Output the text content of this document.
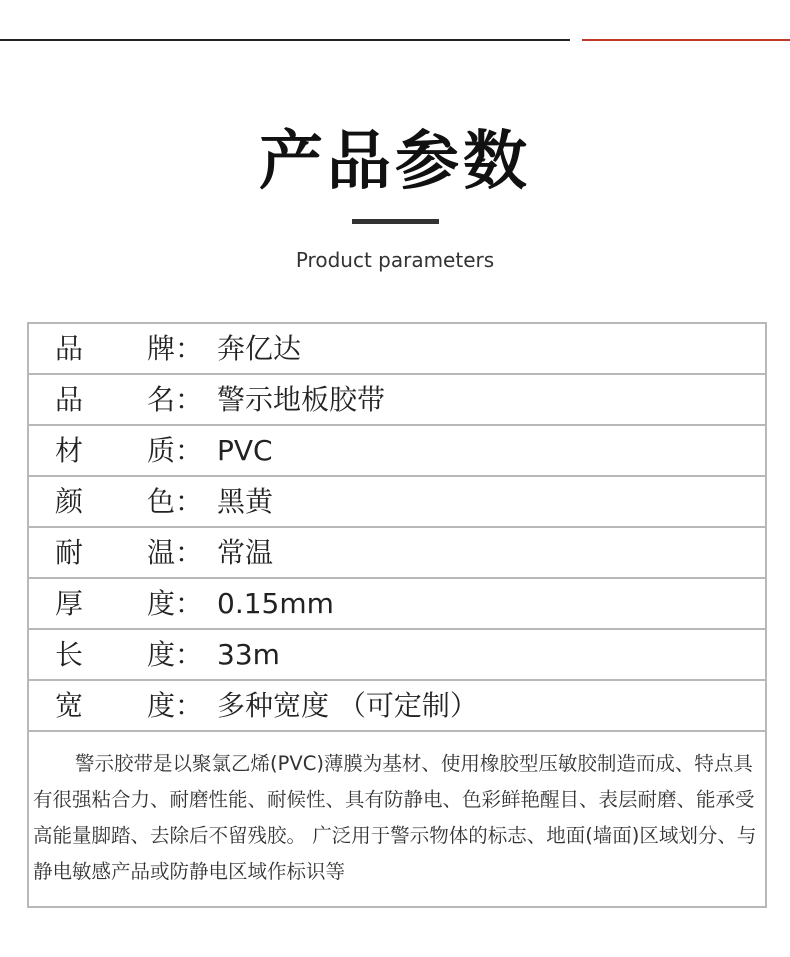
产品参数
Product parameters
品 牌： 奔亿达
品 名： 警示地板胶带
材 质： PVC
颜 色： 黑黄
耐 温： 常温
厚 度： 0.15mm
长 度： 33m
宽 度： 多种宽度 （可定制）
警示胶带是以聚氯乙烯(PVC)薄膜为基材、使用橡胶型压敏胶制造而成、特点具有很强粘合力、耐磨性能、耐候性、具有防静电、色彩鲜艳醒目、表层耐磨、能承受高能量脚踏、去除后不留残胶。 广泛用于警示物体的标志、地面(墙面)区域划分、与静电敏感产品或防静电区域作标识等
